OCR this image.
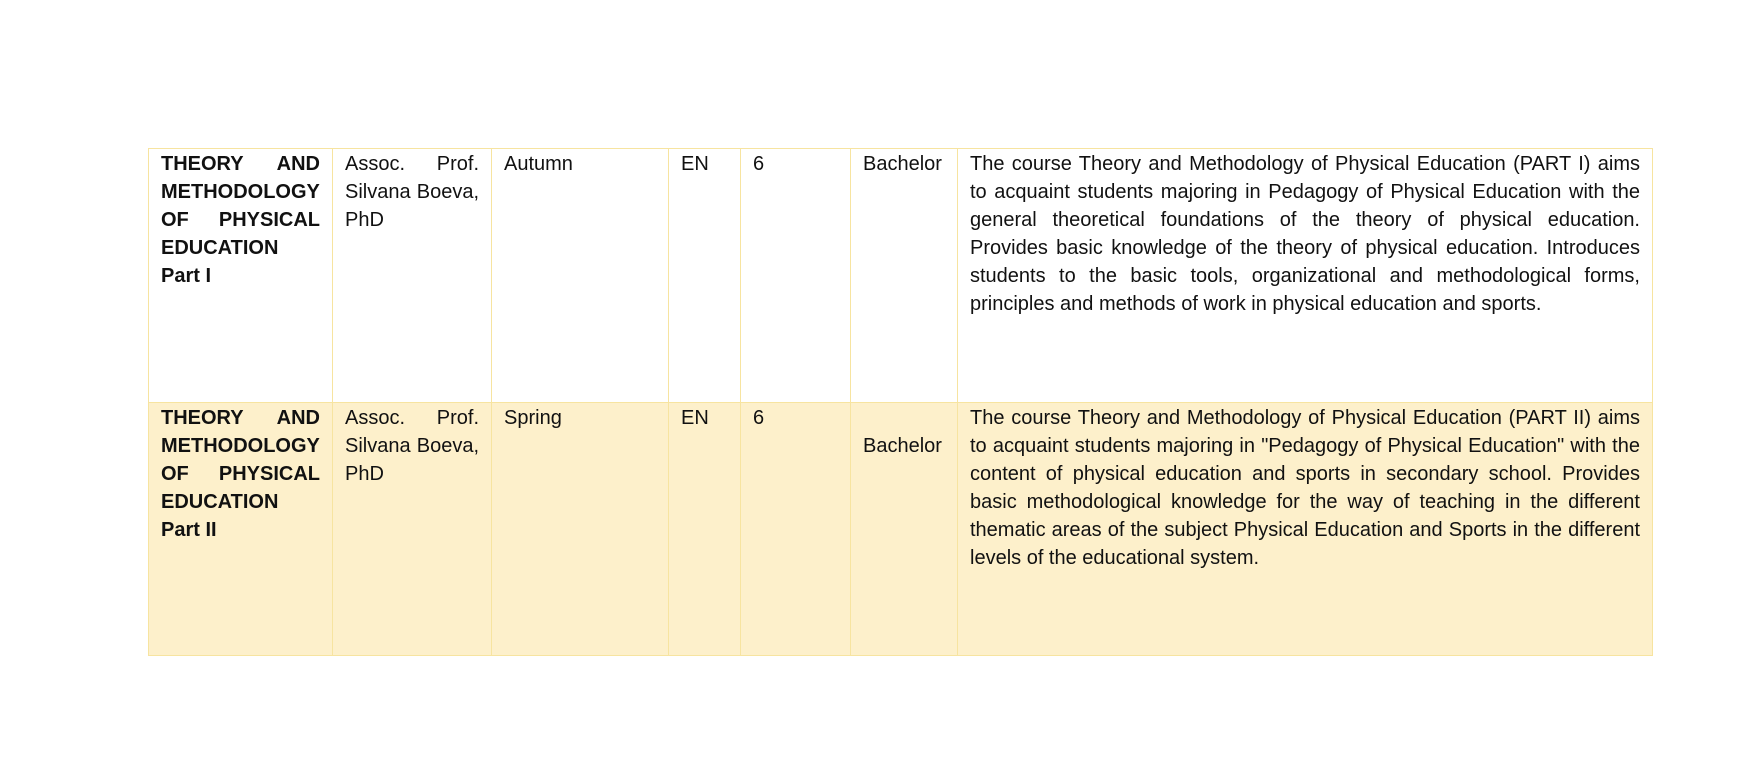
THEORY AND METHODOLOGY OF PHYSICAL EDUCATION Part I	Assoc. Prof. Silvana Boeva, PhD	Autumn	EN	6	Bachelor	The course Theory and Methodology of Physical Education (PART I) aims to acquaint students majoring in Pedagogy of Physical Education with the general theoretical foundations of the theory of physical education. Provides basic knowledge of the theory of physical education. Introduces students to the basic tools, organizational and methodological forms, principles and methods of work in physical education and sports.
THEORY AND METHODOLOGY OF PHYSICAL EDUCATION Part II	Assoc. Prof. Silvana Boeva, PhD	Spring	EN	6	Bachelor	The course Theory and Methodology of Physical Education (PART II) aims to acquaint students majoring in "Pedagogy of Physical Education" with the content of physical education and sports in secondary school. Provides basic methodological knowledge for the way of teaching in the different thematic areas of the subject Physical Education and Sports in the different levels of the educational system.
